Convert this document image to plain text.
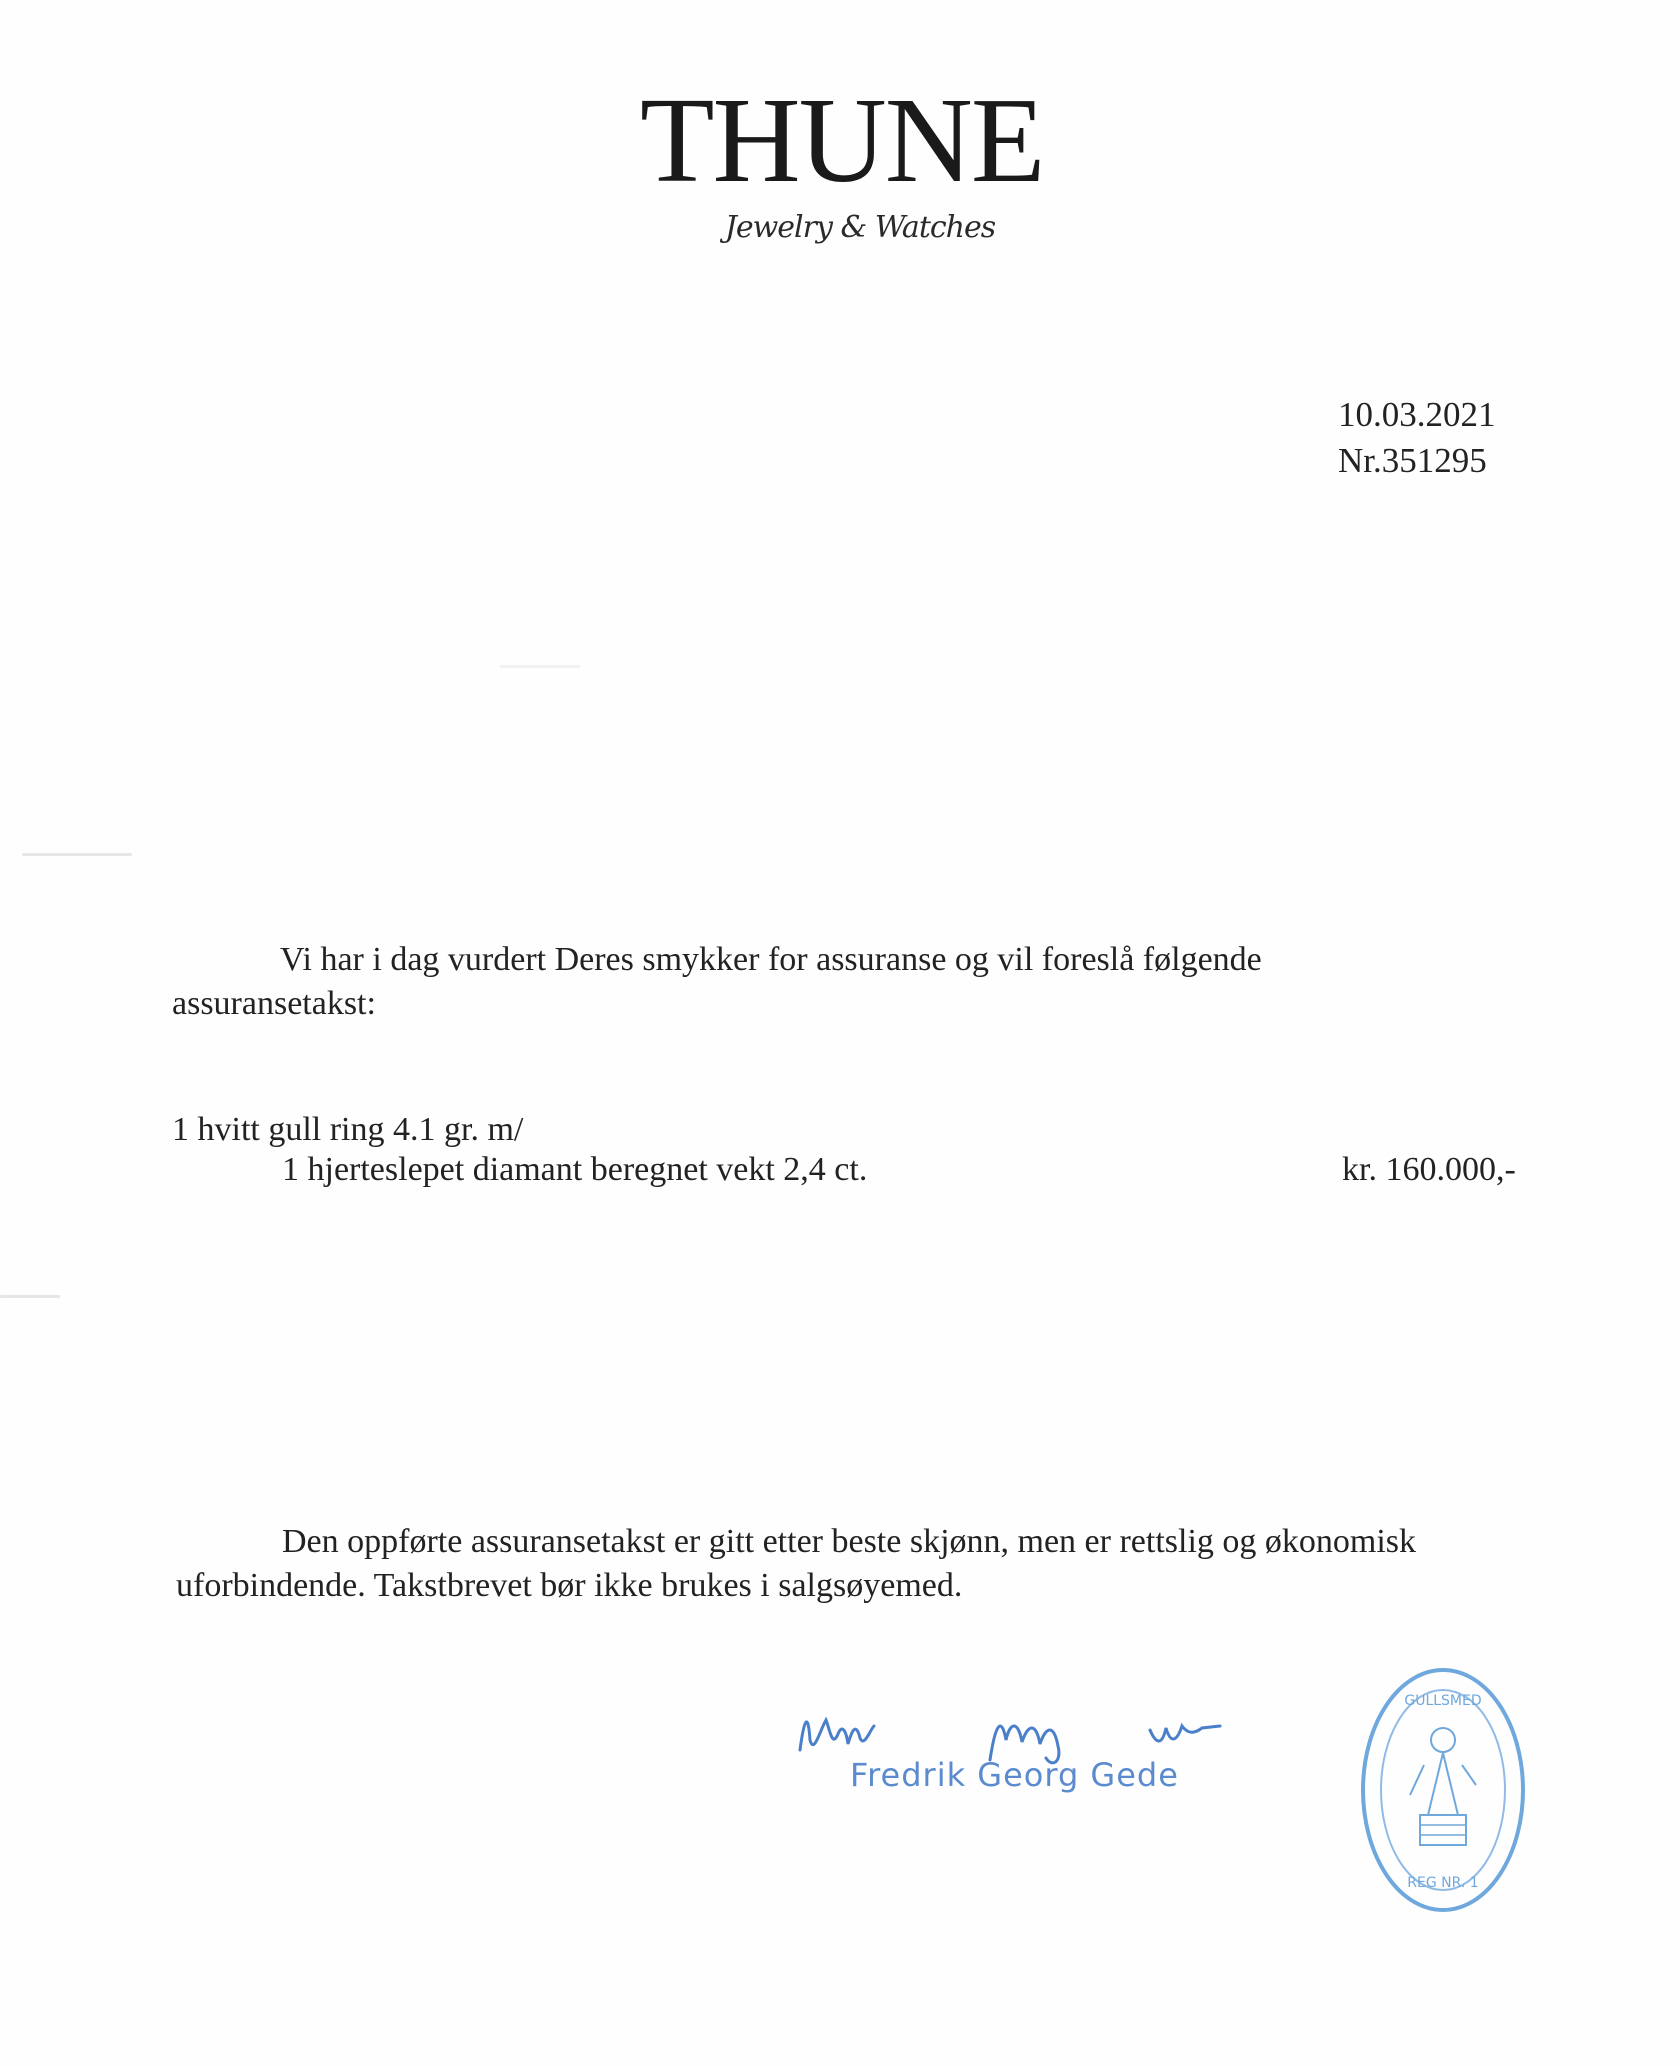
THUNE
Jewelry & Watches
10.03.2021
Nr.351295
Vi har i dag vurdert Deres smykker for assuranse og vil foreslå følgende
assuransetakst:
1 hvitt gull ring 4.1 gr. m/
1 hjerteslepet diamant beregnet vekt 2,4 ct.	kr. 160.000,-
Den oppførte assuransetakst er gitt etter beste skjønn, men er rettslig og økonomisk
uforbindende. Takstbrevet bør ikke brukes i salgsøyemed.
Fredrik Georg Gede
GULLSMED
REG NR. 1
